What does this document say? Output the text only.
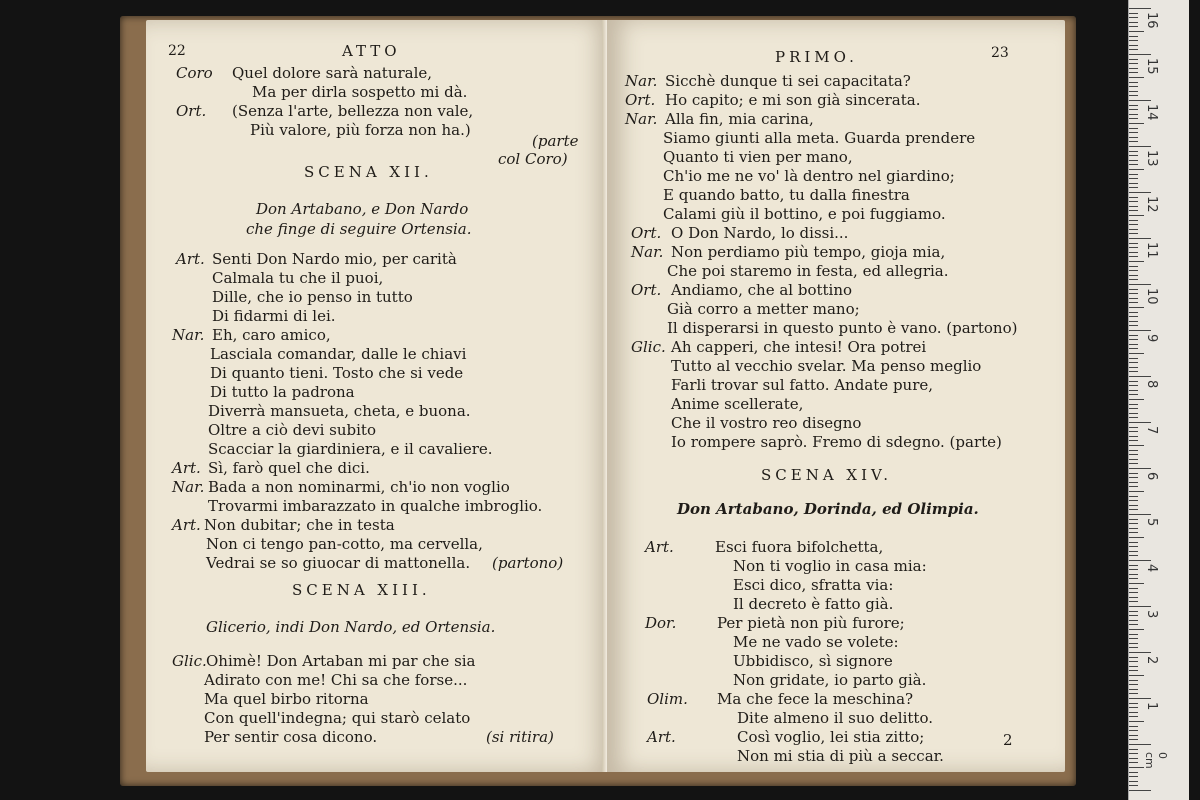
22	ATTO
Coro Quel dolore sarà naturale,
Ma per dirla sospetto mi dà.
Ort. (Senza l'arte, bellezza non vale,
Più valore, più forza non ha.)
(parte
col Coro)
SCENA XII.
Don Artabano, e Don Nardo
che finge di seguire Ortensia.
Art. Senti Don Nardo mio, per carità
Calmala tu che il puoi,
Dille, che io penso in tutto
Di fidarmi di lei.
Nar. Eh, caro amico,
Lasciala comandar, dalle le chiavi
Di quanto tieni. Tosto che si vede
Di tutto la padrona
Diverrà mansueta, cheta, e buona.
Oltre a ciò devi subito
Scacciar la giardiniera, e il cavaliere.
Art. Sì, farò quel che dici.
Nar. Bada a non nominarmi, ch'io non voglio
Trovarmi imbarazzato in qualche imbroglio.
Art. Non dubitar; che in testa
Non ci tengo pan-cotto, ma cervella,
Vedrai se so giuocar di mattonella. (partono)
SCENA XIII.
Glicerio, indi Don Nardo, ed Ortensia.
Glic. Ohimè! Don Artaban mi par che sia
Adirato con me! Chi sa che forse...
Ma quel birbo ritorna
Con quell'indegna; qui starò celato
Per sentir cosa dicono.	(si ritira)
PRIMO.	23
Nar. Sicchè dunque ti sei capacitata?
Ort. Ho capito; e mi son già sincerata.
Nar. Alla fin, mia carina,
Siamo giunti alla meta. Guarda prendere
Quanto ti vien per mano,
Ch'io me ne vo' là dentro nel giardino;
E quando batto, tu dalla finestra
Calami giù il bottino, e poi fuggiamo.
Ort. O Don Nardo, lo dissi...
Nar. Non perdiamo più tempo, gioja mia,
Che poi staremo in festa, ed allegria.
Ort. Andiamo, che al bottino
Già corro a metter mano;
Il disperarsi in questo punto è vano. (partono)
Glic. Ah capperi, che intesi! Ora potrei
Tutto al vecchio svelar. Ma penso meglio
Farli trovar sul fatto. Andate pure,
Anime scellerate,
Che il vostro reo disegno
Io rompere saprò. Fremo di sdegno. (parte)
SCENA XIV.
Don Artabano, Dorinda, ed Olimpia.
Art.	Esci fuora bifolchetta,
Non ti voglio in casa mia:
Esci dico, sfratta via:
Il decreto è fatto già.
Dor.	Per pietà non più furore;
Me ne vado se volete:
Ubbidisco, sì signore
Non gridate, io parto già.
Olim. Ma che fece la meschina?
Dite almeno il suo delitto.
Art.	Così voglio, lei stia zitto;
Non mi stia di più a seccar.
2
16
15
14
13
12
11
10
9
8
7
6
5
4
3
2
1
0 cm
